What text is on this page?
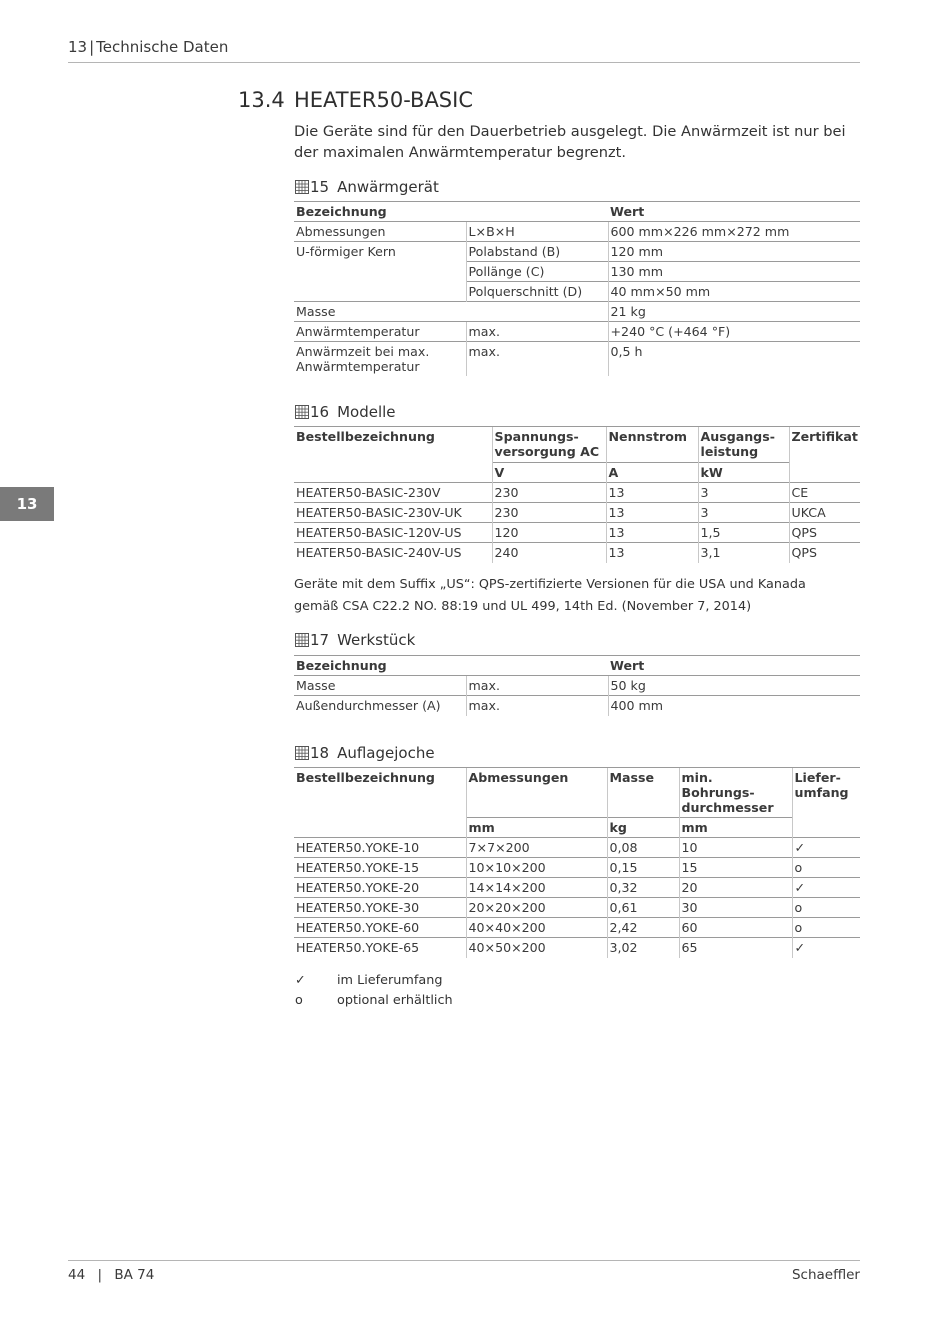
13 | Technische Daten
13
13.4 HEATER50-BASIC
Die Geräte sind für den Dauerbetrieb ausgelegt. Die Anwärmzeit ist nur bei der maximalen Anwärmtemperatur begrenzt.
15 Anwärmgerät
Bezeichnung		Wert
Abmessungen	L×B×H	600 mm×226 mm×272 mm
U-förmiger Kern	Polabstand (B)	120 mm
	Pollänge (C)	130 mm
	Polquerschnitt (D)	40 mm×50 mm
Masse		21 kg
Anwärmtemperatur	max.	+240 °C (+464 °F)
Anwärmzeit bei max. Anwärmtemperatur	max.	0,5 h
16 Modelle
Bestellbezeichnung	Spannungs-versorgung AC	Nennstrom	Ausgangs-leistung	Zertifikat
	V	A	kW	
HEATER50-BASIC-230V	230	13	3	CE
HEATER50-BASIC-230V-UK	230	13	3	UKCA
HEATER50-BASIC-120V-US	120	13	1,5	QPS
HEATER50-BASIC-240V-US	240	13	3,1	QPS
Geräte mit dem Suffix „US“: QPS-zertifizierte Versionen für die USA und Kanada gemäß CSA C22.2 NO. 88:19 und UL 499, 14th Ed. (November 7, 2014)
17 Werkstück
Bezeichnung		Wert
Masse	max.	50 kg
Außendurchmesser (A)	max.	400 mm
18 Auflagejoche
Bestellbezeichnung	Abmessungen	Masse	min. Bohrungs-durchmesser	Liefer-umfang
	mm	kg	mm	
HEATER50.YOKE-10	7×7×200	0,08	10	✓
HEATER50.YOKE-15	10×10×200	0,15	15	o
HEATER50.YOKE-20	14×14×200	0,32	20	✓
HEATER50.YOKE-30	20×20×200	0,61	30	o
HEATER50.YOKE-60	40×40×200	2,42	60	o
HEATER50.YOKE-65	40×50×200	3,02	65	✓
✓	im Lieferumfang
o	optional erhältlich
44 | BA 74	Schaeffler
